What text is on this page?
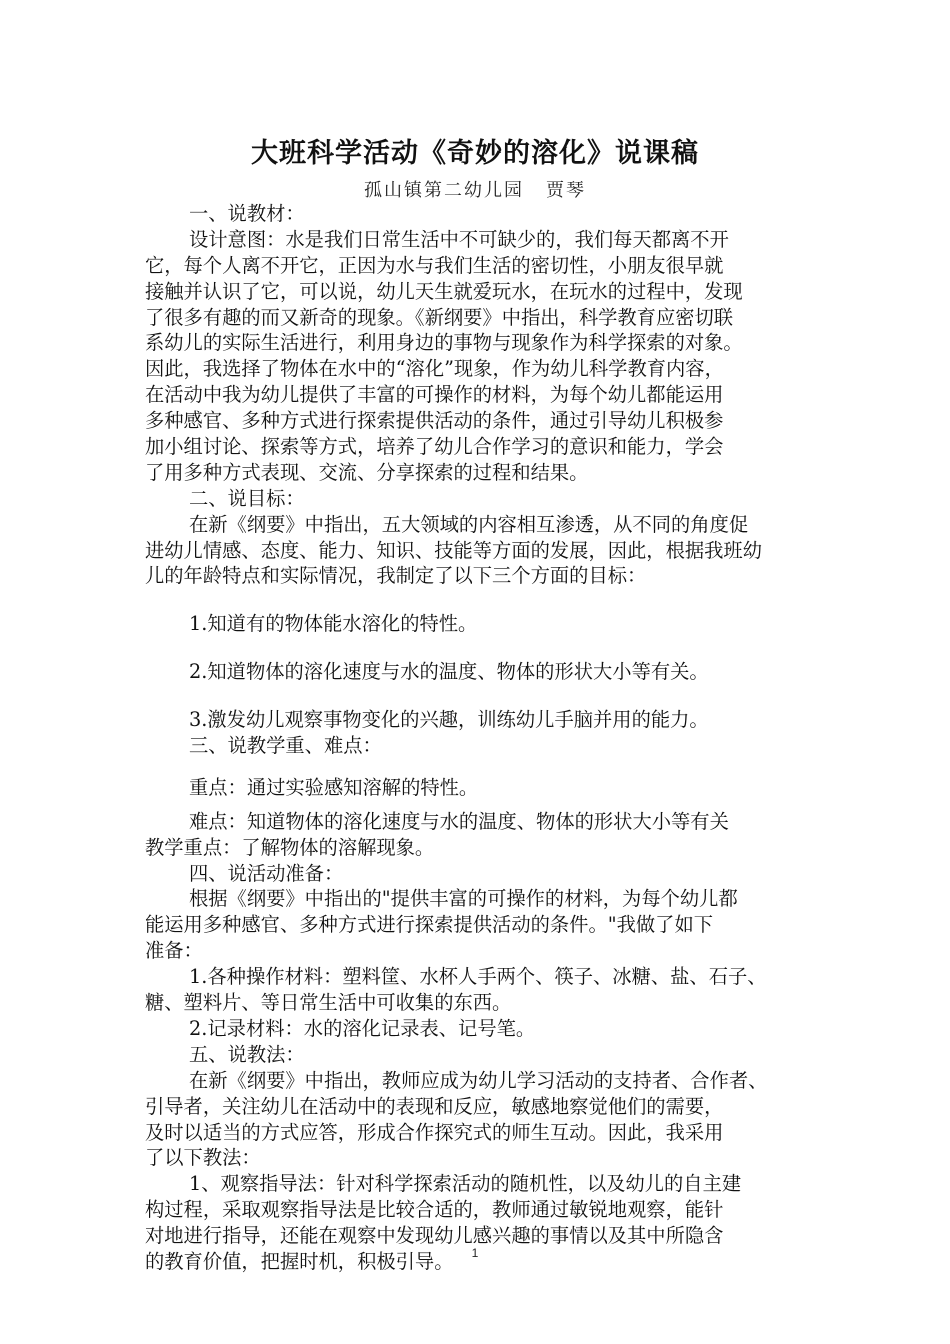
大班科学活动《奇妙的溶化》说课稿
孤山镇第二幼儿园 贾琴
一、说教材：
设计意图：水是我们日常生活中不可缺少的，我们每天都离不开
它，每个人离不开它，正因为水与我们生活的密切性，小朋友很早就
接触并认识了它，可以说，幼儿天生就爱玩水，在玩水的过程中，发现
了很多有趣的而又新奇的现象。《新纲要》中指出，科学教育应密切联
系幼儿的实际生活进行，利用身边的事物与现象作为科学探索的对象。
因此，我选择了物体在水中的“溶化”现象，作为幼儿科学教育内容，
在活动中我为幼儿提供了丰富的可操作的材料，为每个幼儿都能运用
多种感官、多种方式进行探索提供活动的条件，通过引导幼儿积极参
加小组讨论、探索等方式，培养了幼儿合作学习的意识和能力，学会
了用多种方式表现、交流、分享探索的过程和结果。
二、说目标：
在新《纲要》中指出，五大领域的内容相互渗透，从不同的角度促
进幼儿情感、态度、能力、知识、技能等方面的发展，因此，根据我班幼
儿的年龄特点和实际情况，我制定了以下三个方面的目标：
1.知道有的物体能水溶化的特性。
2.知道物体的溶化速度与水的温度、物体的形状大小等有关。
3.激发幼儿观察事物变化的兴趣，训练幼儿手脑并用的能力。
三、说教学重、难点：
重点：通过实验感知溶解的特性。
难点：知道物体的溶化速度与水的温度、物体的形状大小等有关
教学重点：了解物体的溶解现象。
四、说活动准备：
根据《纲要》中指出的"提供丰富的可操作的材料，为每个幼儿都
能运用多种感官、多种方式进行探索提供活动的条件。"我做了如下
准备：
1.各种操作材料：塑料筐、水杯人手两个、筷子、冰糖、盐、石子、
糖、塑料片、等日常生活中可收集的东西。
2.记录材料：水的溶化记录表、记号笔。
五、说教法：
在新《纲要》中指出，教师应成为幼儿学习活动的支持者、合作者、
引导者，关注幼儿在活动中的表现和反应，敏感地察觉他们的需要，
及时以适当的方式应答，形成合作探究式的师生互动。因此，我采用
了以下教法：
1、观察指导法：针对科学探索活动的随机性，以及幼儿的自主建
构过程，采取观察指导法是比较合适的，教师通过敏锐地观察，能针
对地进行指导，还能在观察中发现幼儿感兴趣的事情以及其中所隐含
的教育价值，把握时机，积极引导。	1
